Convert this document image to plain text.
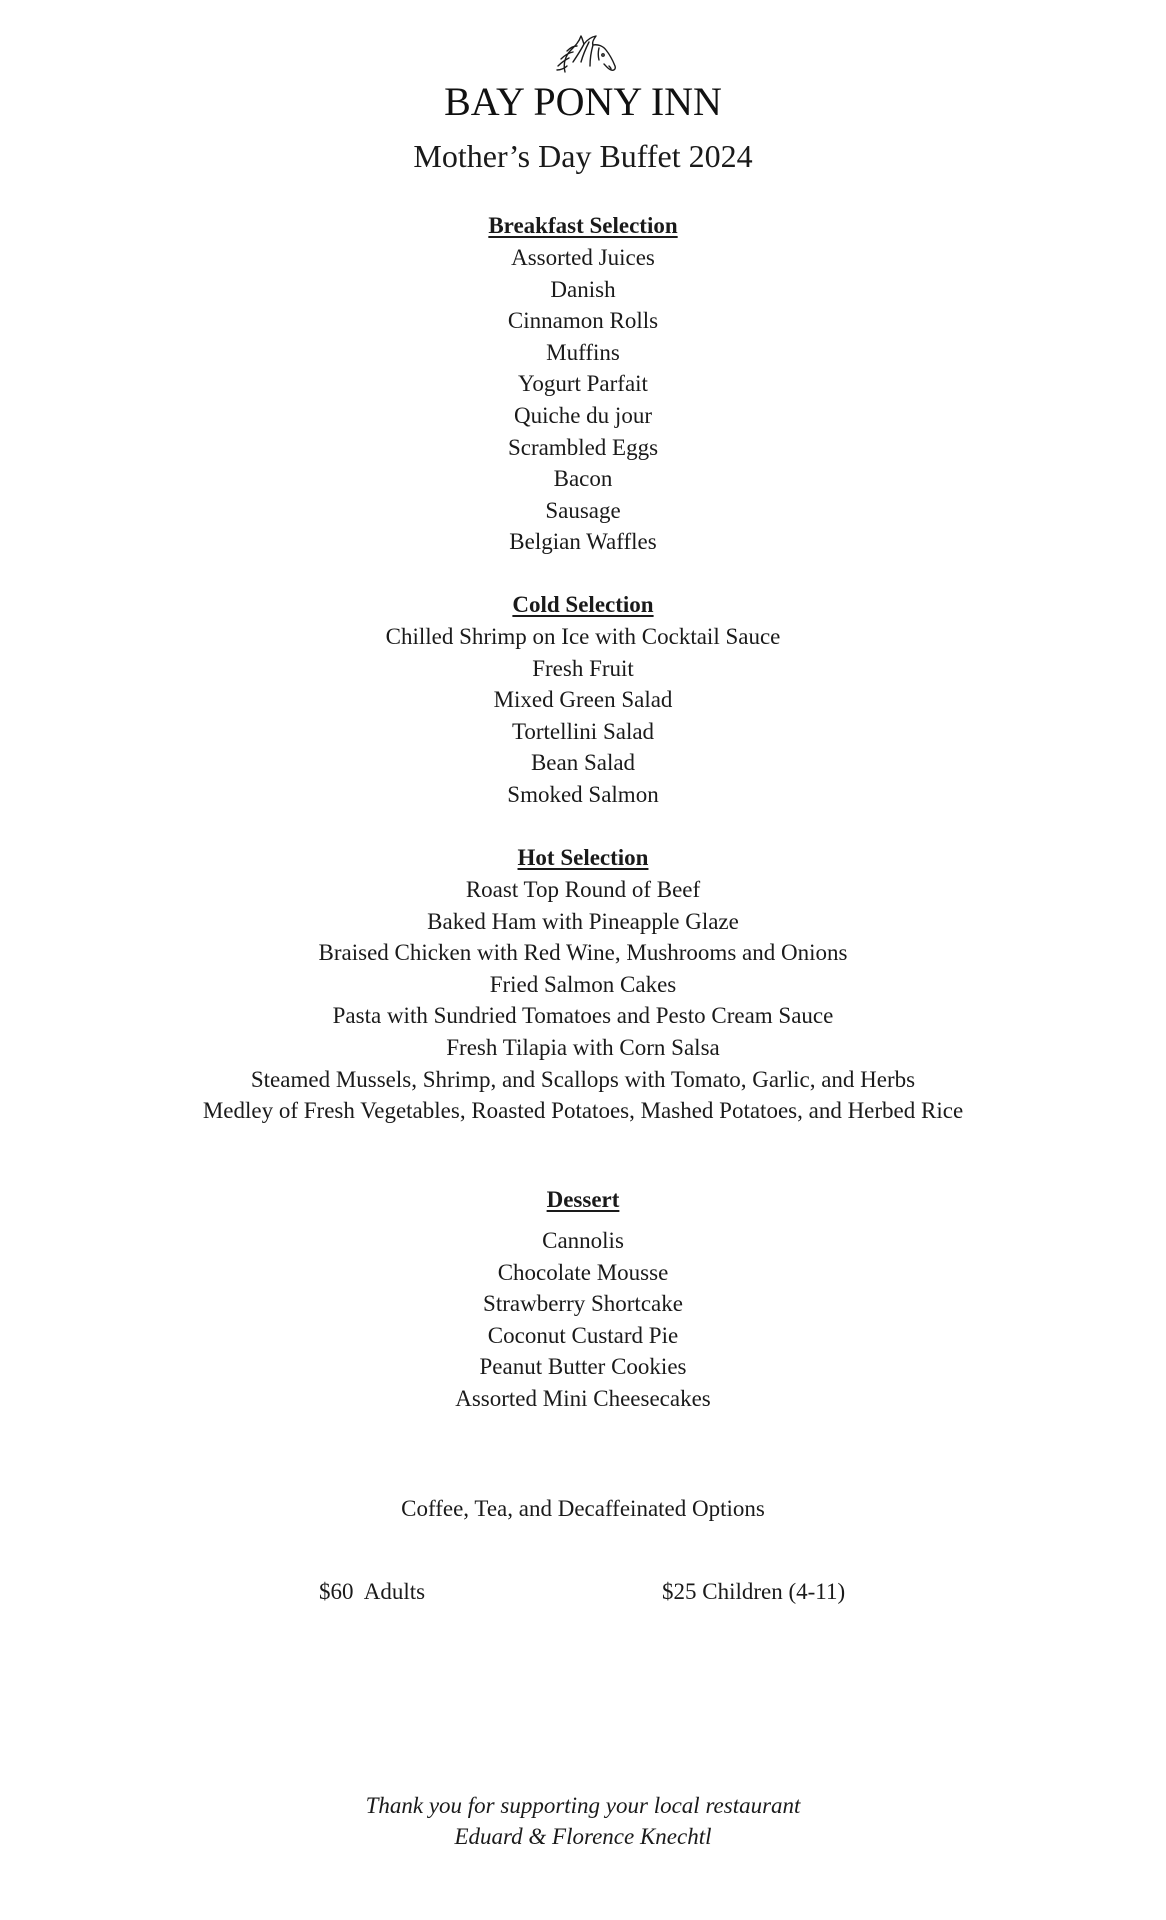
BAY PONY INN
Mother’s Day Buffet 2024
Breakfast Selection
Assorted Juices
Danish
Cinnamon Rolls
Muffins
Yogurt Parfait
Quiche du jour
Scrambled Eggs
Bacon
Sausage
Belgian Waffles
Cold Selection
Chilled Shrimp on Ice with Cocktail Sauce
Fresh Fruit
Mixed Green Salad
Tortellini Salad
Bean Salad
Smoked Salmon
Hot Selection
Roast Top Round of Beef
Baked Ham with Pineapple Glaze
Braised Chicken with Red Wine, Mushrooms and Onions
Fried Salmon Cakes
Pasta with Sundried Tomatoes and Pesto Cream Sauce
Fresh Tilapia with Corn Salsa
Steamed Mussels, Shrimp, and Scallops with Tomato, Garlic, and Herbs
Medley of Fresh Vegetables, Roasted Potatoes, Mashed Potatoes, and Herbed Rice
Dessert
Cannolis
Chocolate Mousse
Strawberry Shortcake
Coconut Custard Pie
Peanut Butter Cookies
Assorted Mini Cheesecakes
Coffee, Tea, and Decaffeinated Options
$60  Adults	$25 Children (4-11)
Thank you for supporting your local restaurant
Eduard & Florence Knechtl
